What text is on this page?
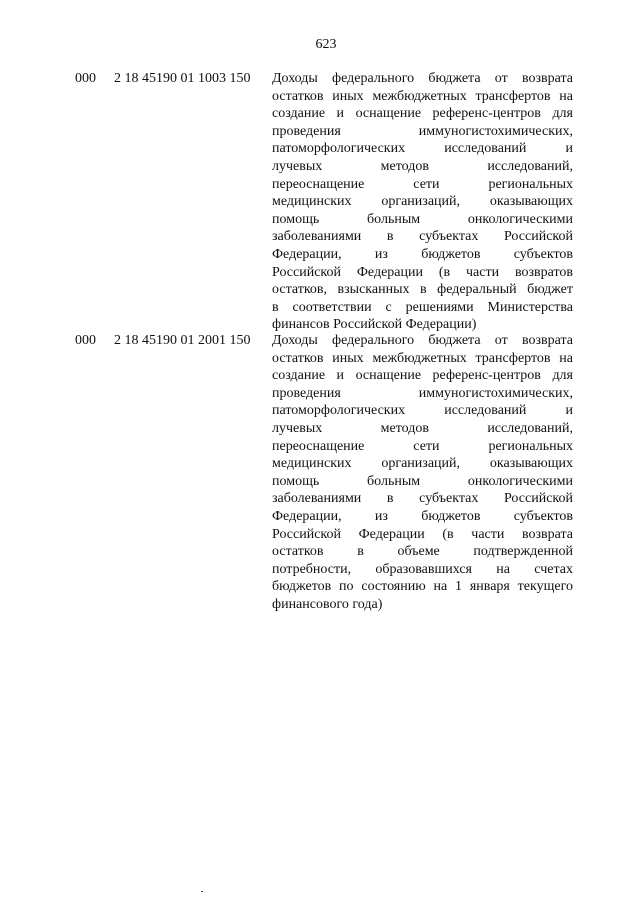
623
000 2 18 45190 01 1003 150 Доходы федерального бюджета от возврата
остатков иных межбюджетных трансфертов на
создание и оснащение референс-центров для
проведения иммуногистохимических,
патоморфологических исследований и
лучевых методов исследований,
переоснащение сети региональных
медицинских организаций, оказывающих
помощь больным онкологическими
заболеваниями в субъектах Российской
Федерации, из бюджетов субъектов
Российской Федерации (в части возвратов
остатков, взысканных в федеральный бюджет
в соответствии с решениями Министерства
финансов Российской Федерации)
000 2 18 45190 01 2001 150 Доходы федерального бюджета от возврата
остатков иных межбюджетных трансфертов на
создание и оснащение референс-центров для
проведения иммуногистохимических,
патоморфологических исследований и
лучевых методов исследований,
переоснащение сети региональных
медицинских организаций, оказывающих
помощь больным онкологическими
заболеваниями в субъектах Российской
Федерации, из бюджетов субъектов
Российской Федерации (в части возврата
остатков в объеме подтвержденной
потребности, образовавшихся на счетах
бюджетов по состоянию на 1 января текущего
финансового года)
